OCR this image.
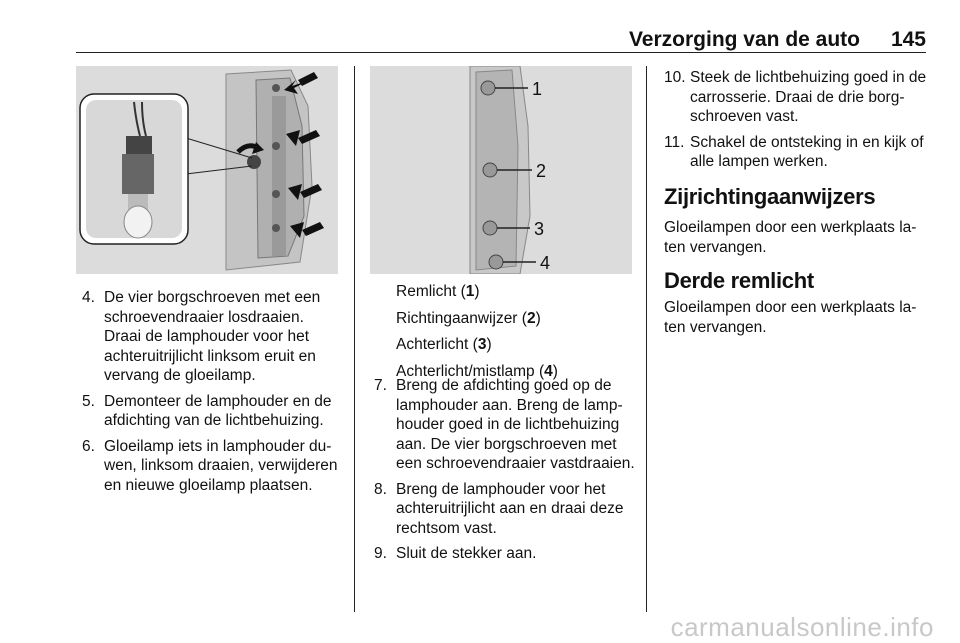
Verzorging van de auto 145
1
2
3
4
4. De vier borgschroeven met een schroevendraaier losdraaien. Draai de lamphouder voor het achteruitrijlicht linksom eruit en vervang de gloeilamp.
5. Demonteer de lamphouder en de afdichting van de lichtbehuizing.
6. Gloeilamp iets in lamphouder duwen, linksom draaien, verwijderen en nieuwe gloeilamp plaatsen.
Remlicht (1)
Richtingaanwijzer (2)
Achterlicht (3)
Achterlicht/mistlamp (4)
7. Breng de afdichting goed op de lamphouder aan. Breng de lamphouder goed in de lichtbehuizing aan. De vier borgschroeven met een schroevendraaier vastdraaien.
8. Breng de lamphouder voor het achteruitrijlicht aan en draai deze rechtsom vast.
9. Sluit de stekker aan.
10. Steek de lichtbehuizing goed in de carrosserie. Draai de drie borgschroeven vast.
11. Schakel de ontsteking in en kijk of alle lampen werken.
Zijrichtingaanwijzers

Gloeilampen door een werkplaats laten vervangen.

Derde remlicht

Gloeilampen door een werkplaats laten vervangen.

carmanualsonline.info
